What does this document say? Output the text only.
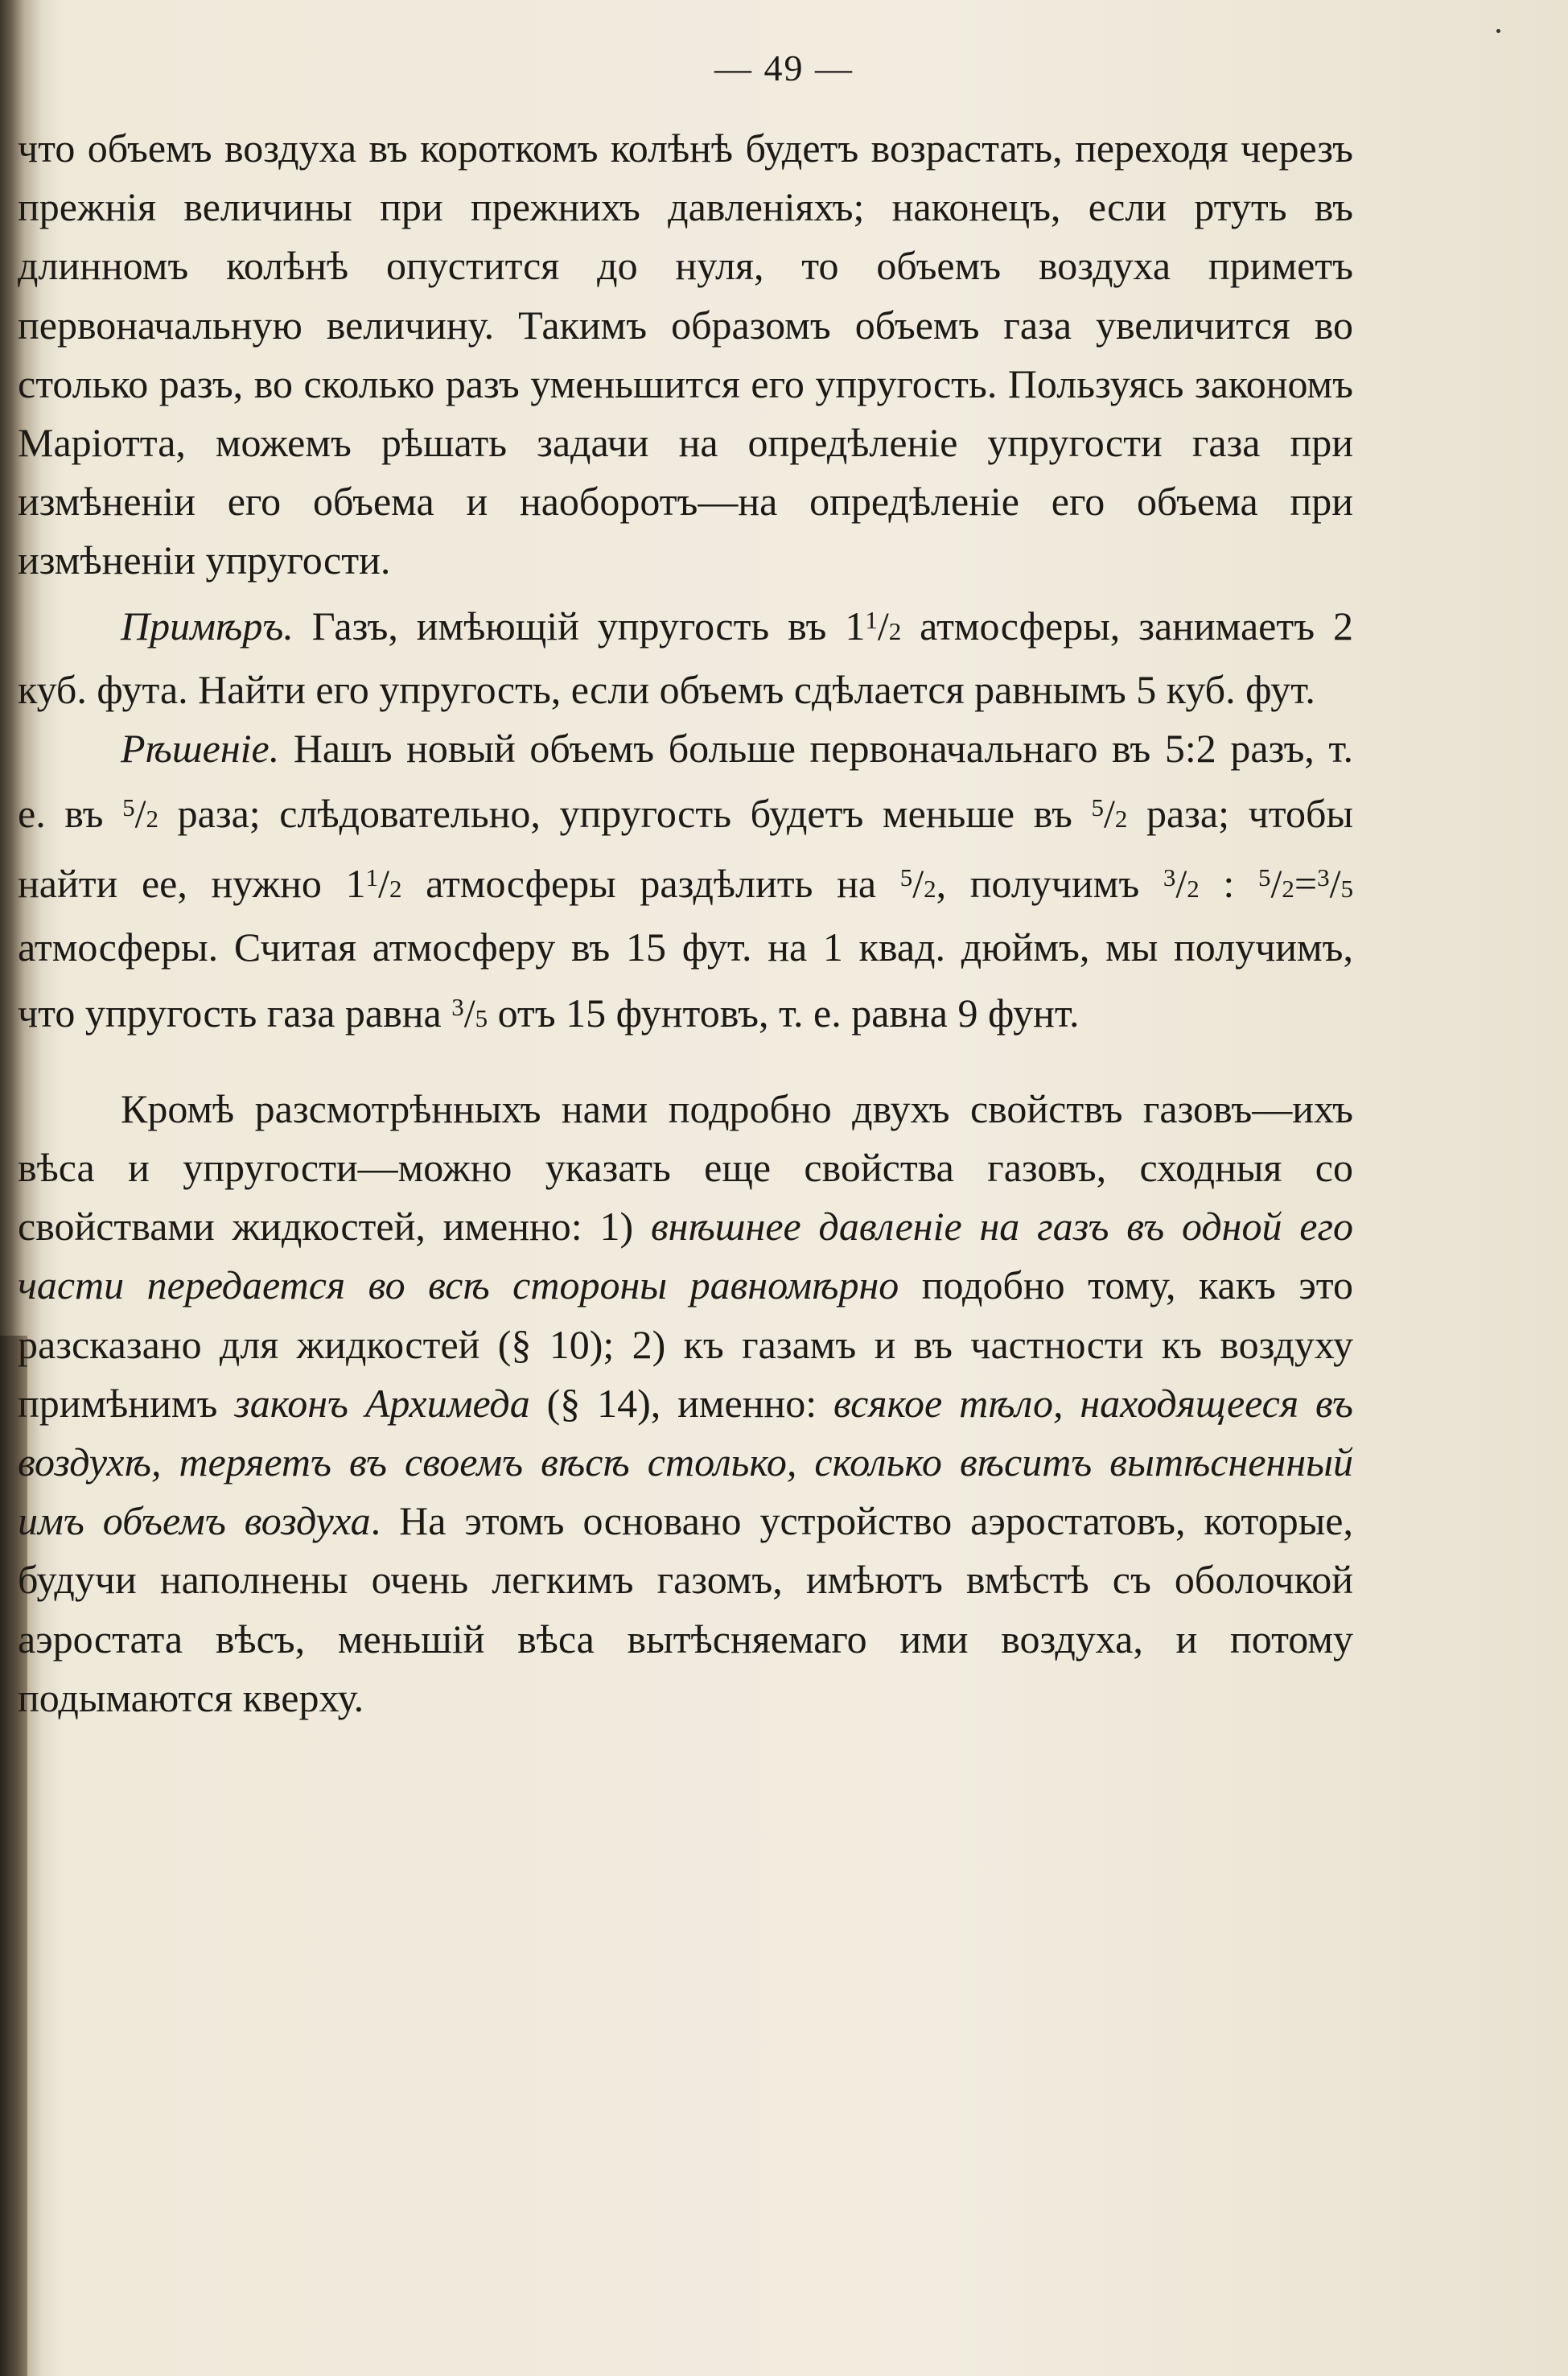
— 49 —

что объемъ воздуха въ короткомъ колѣнѣ будетъ возрастать, переходя черезъ прежнія величины при прежнихъ давленіяхъ; наконецъ, если ртуть въ длинномъ колѣнѣ опустится до нуля, то объемъ воздуха приметъ первоначальную величину. Такимъ образомъ объемъ газа увеличится во столько разъ, во сколько разъ уменьшится его упругость. Пользуясь закономъ Маріотта, можемъ рѣшать задачи на опредѣленіе упругости газа при измѣненіи его объема и наоборотъ—на опредѣленіе его объема при измѣненіи упругости.

Примѣръ. Газъ, имѣющій упругость въ $1^1/2$ атмосферы, занимаетъ 2 куб. фута. Найти его упругость, если объемъ сдѣлается равнымъ 5 куб. фут.

Рѣшеніе. Нашъ новый объемъ больше первоначальнаго въ 5:2 разъ, т. е. въ $^5$/2 раза; слѣдовательно, упругость будетъ меньше въ $^5$/2 раза; чтобы найти ее, нужно $1^1/2$ атмосферы раздѣлить на $^5$/2, получимъ $^3$/2 : $^5$/2=$^3$/5 атмосферы. Считая атмосферу въ 15 фут. на 1 квад. дюймъ, мы получимъ, что упругость газа равна $^3$/5 отъ 15 фунтовъ, т. е. равна 9 фунт.

Кромѣ разсмотрѣнныхъ нами подробно двухъ свойствъ газовъ—ихъ вѣса и упругости—можно указать еще свойства газовъ, сходныя со свойствами жидкостей, именно: 1) внѣшнее давленіе на газъ въ одной его части передается во всѣ стороны равномѣрно подобно тому, какъ это разсказано для жидкостей (§ 10); 2) къ газамъ и въ частности къ воздуху примѣнимъ законъ Архимеда (§ 14), именно: всякое тѣло, находящееся въ воздухѣ, теряетъ въ своемъ вѣсѣ столько, сколько вѣситъ вытѣсненный имъ объемъ воздуха. На этомъ основано устройство аэростатовъ, которые, будучи наполнены очень легкимъ газомъ, имѣютъ вмѣстѣ съ оболочкой аэростата вѣсъ, меньшій вѣса вытѣсняемаго ими воздуха, и потому подымаются кверху.
